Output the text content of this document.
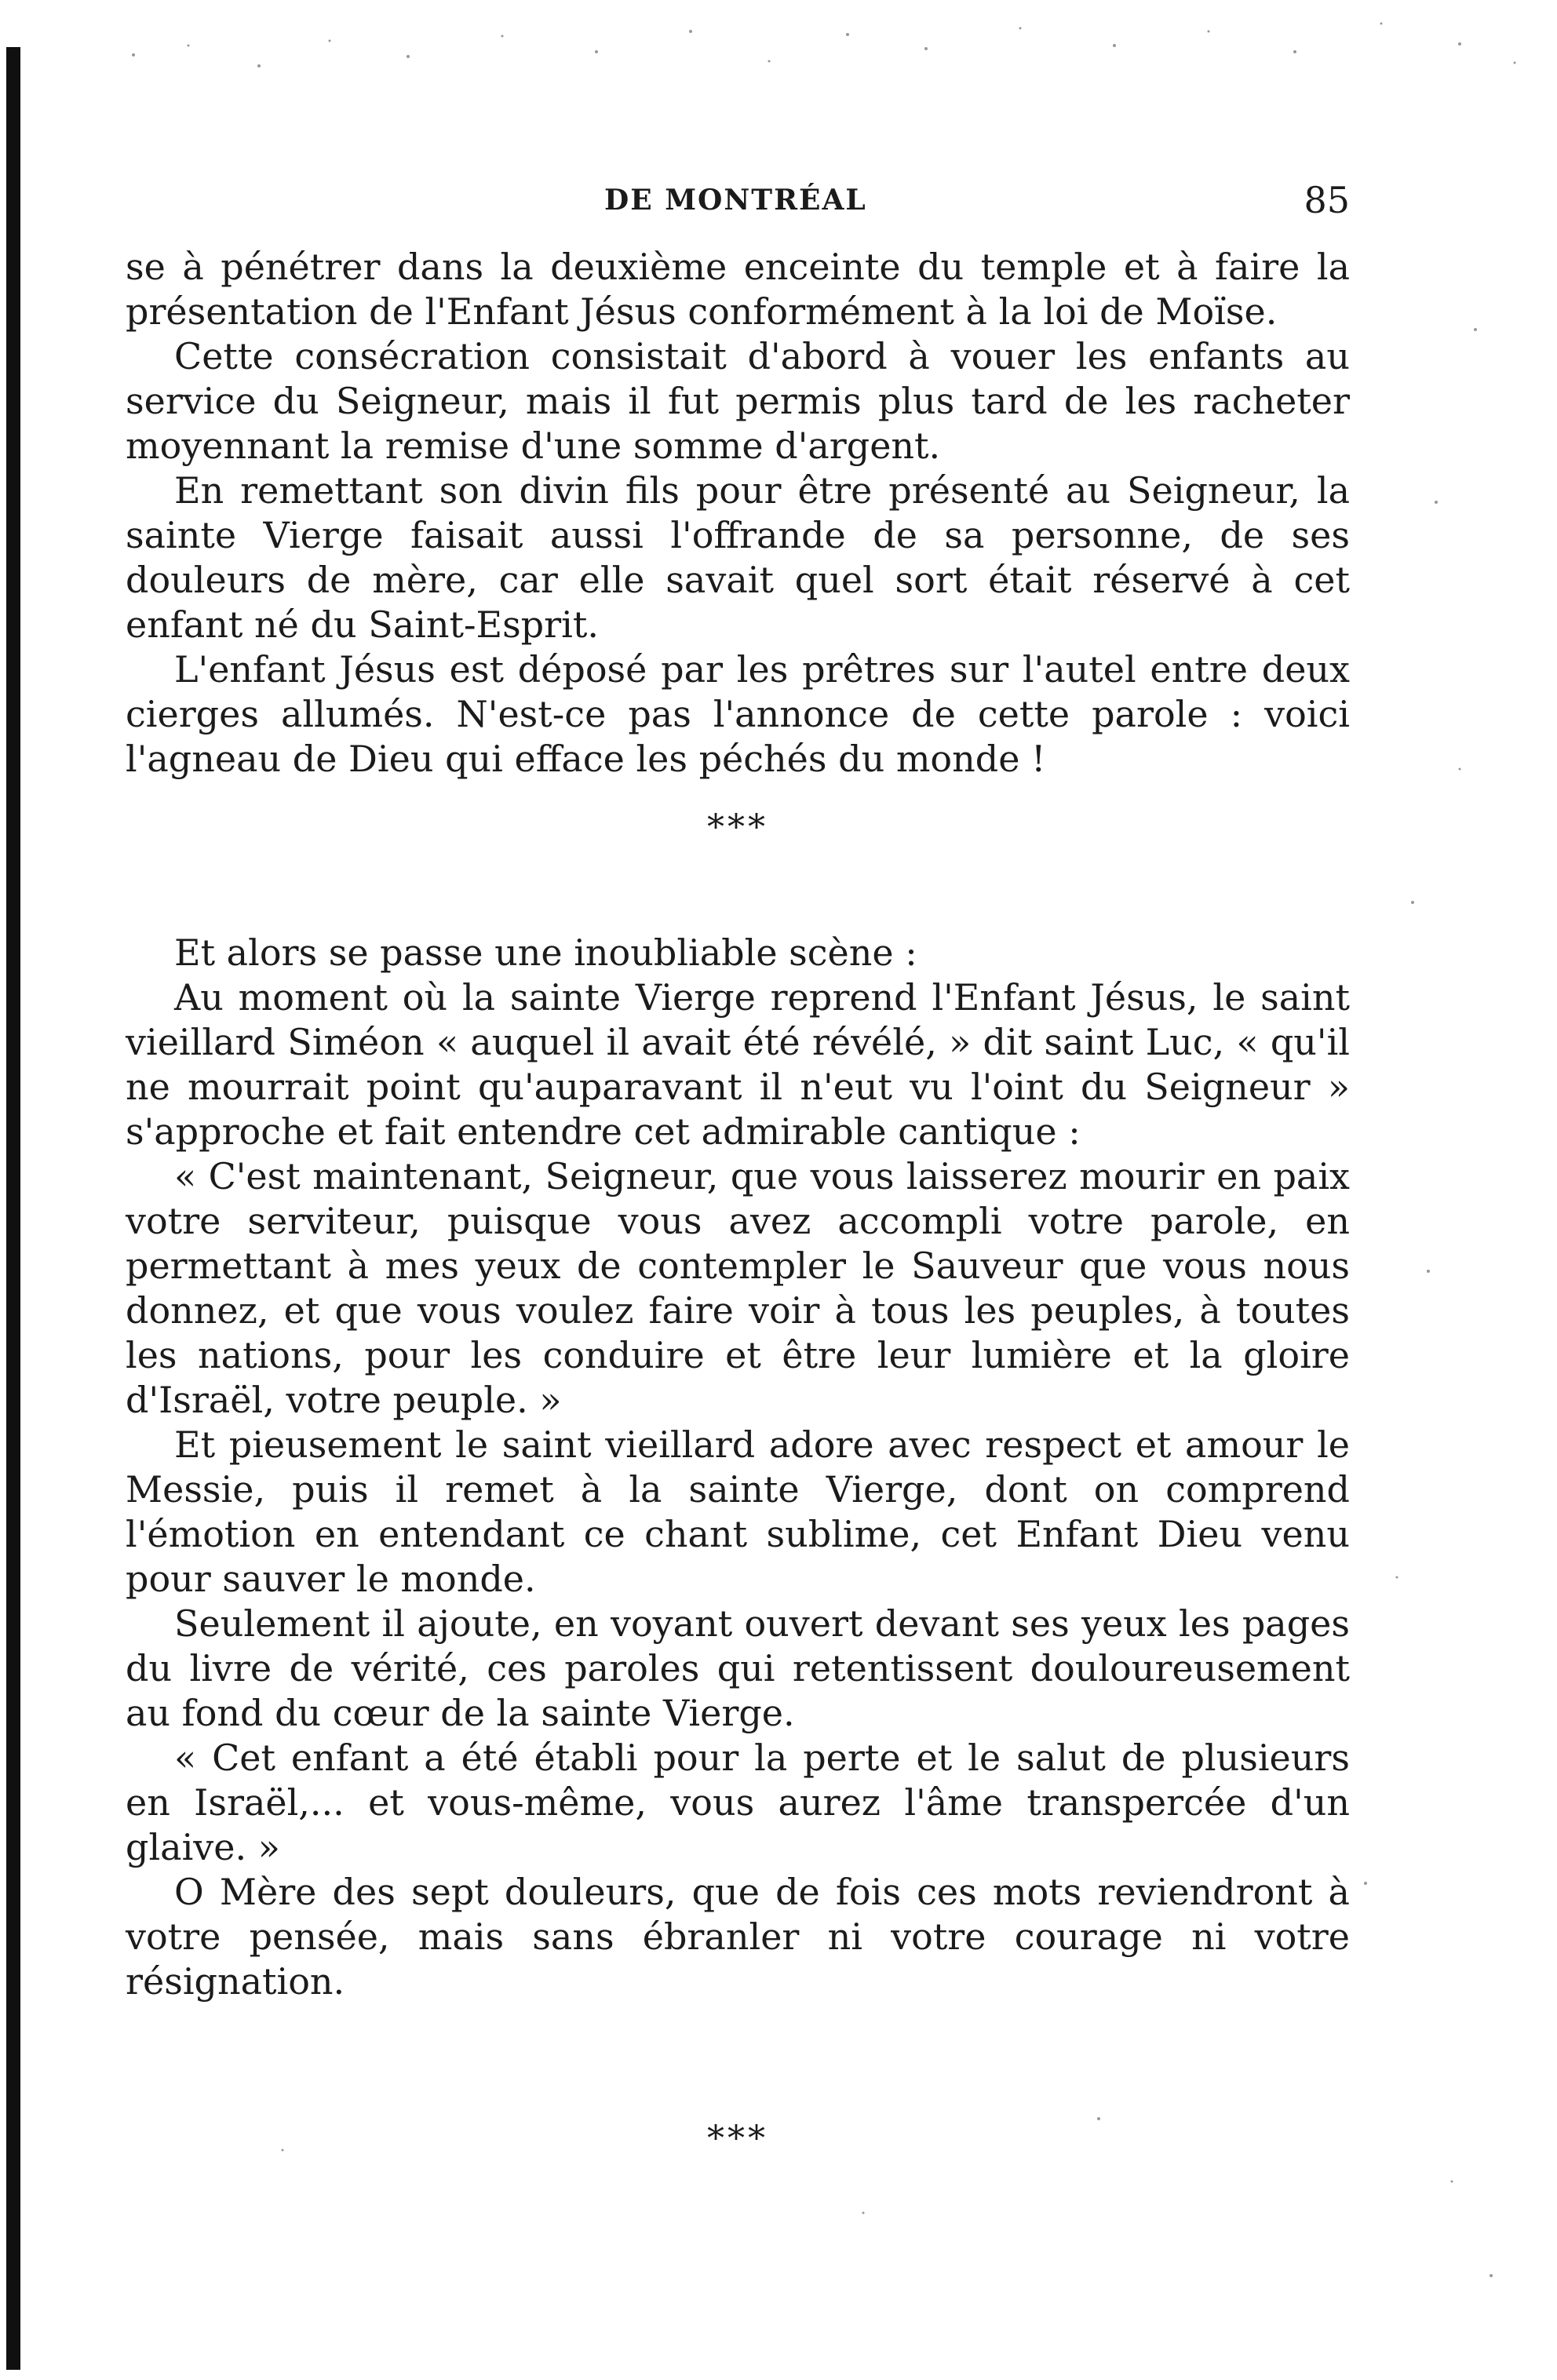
DE MONTRÉAL	85

se à pénétrer dans la deuxième enceinte du temple et à faire la présentation de l'Enfant Jésus conformément à la loi de Moïse.

Cette consécration consistait d'abord à vouer les enfants au service du Seigneur, mais il fut permis plus tard de les racheter moyennant la remise d'une somme d'argent.

En remettant son divin fils pour être présenté au Seigneur, la sainte Vierge faisait aussi l'offrande de sa personne, de ses douleurs de mère, car elle savait quel sort était réservé à cet enfant né du Saint-Esprit.

L'enfant Jésus est déposé par les prêtres sur l'autel entre deux cierges allumés. N'est-ce pas l'annonce de cette parole : voici l'agneau de Dieu qui efface les péchés du monde !

***

Et alors se passe une inoubliable scène :

Au moment où la sainte Vierge reprend l'Enfant Jésus, le saint vieillard Siméon « auquel il avait été révélé, » dit saint Luc, « qu'il ne mourrait point qu'auparavant il n'eut vu l'oint du Seigneur » s'approche et fait entendre cet admirable cantique :

« C'est maintenant, Seigneur, que vous laisserez mourir en paix votre serviteur, puisque vous avez accompli votre parole, en permettant à mes yeux de contempler le Sauveur que vous nous donnez, et que vous voulez faire voir à tous les peuples, à toutes les nations, pour les conduire et être leur lumière et la gloire d'Israël, votre peuple. »

Et pieusement le saint vieillard adore avec respect et amour le Messie, puis il remet à la sainte Vierge, dont on comprend l'émotion en entendant ce chant sublime, cet Enfant Dieu venu pour sauver le monde.

Seulement il ajoute, en voyant ouvert devant ses yeux les pages du livre de vérité, ces paroles qui retentissent douloureusement au fond du cœur de la sainte Vierge.

« Cet enfant a été établi pour la perte et le salut de plusieurs en Israël,... et vous-même, vous aurez l'âme transpercée d'un glaive. »

O Mère des sept douleurs, que de fois ces mots reviendront à votre pensée, mais sans ébranler ni votre courage ni votre résignation.

***
